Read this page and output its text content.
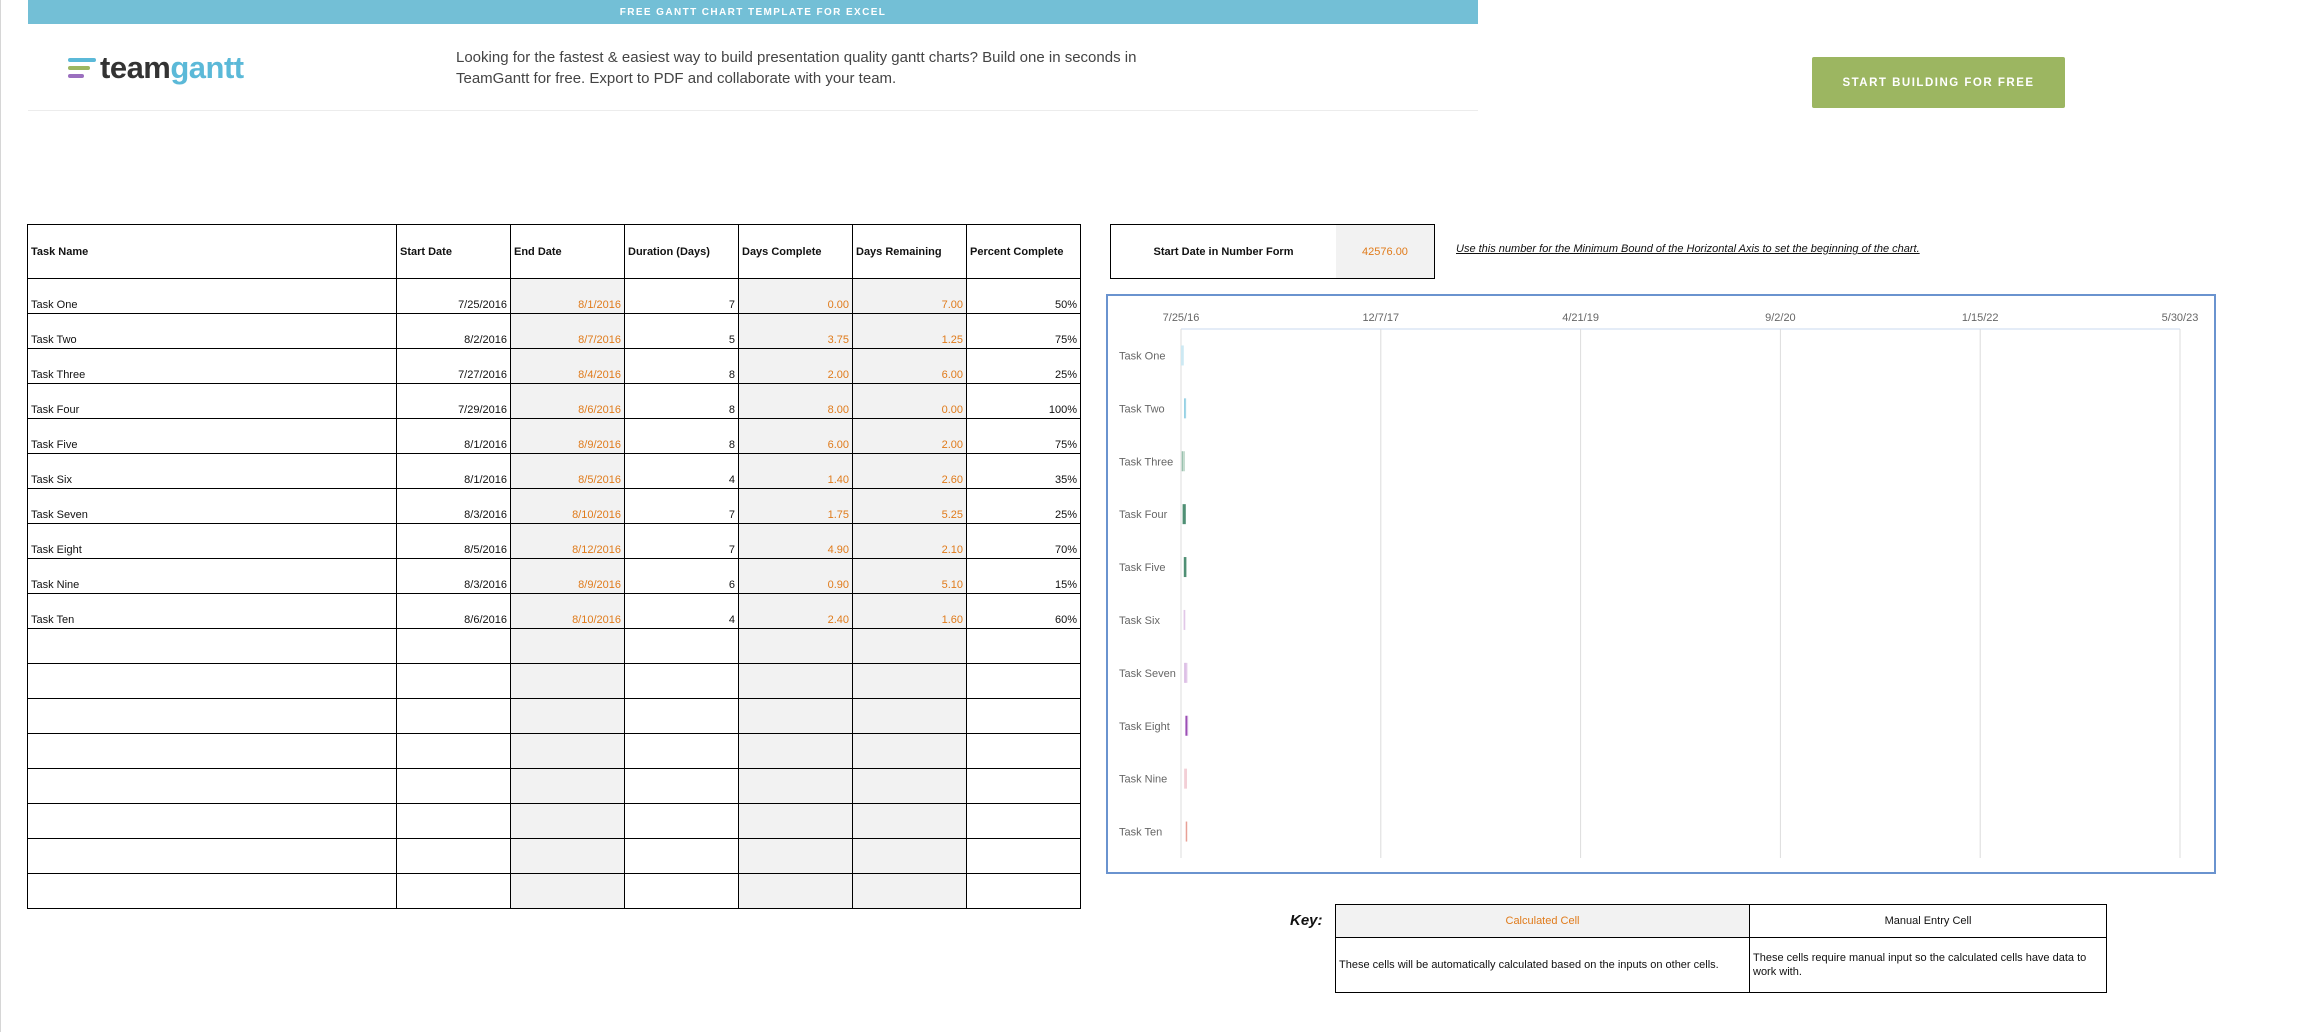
FREE GANTT CHART TEMPLATE FOR EXCEL
teamgantt	Looking for the fastest & easiest way to build presentation quality gantt charts? Build one in seconds in
TeamGantt for free. Export to PDF and collaborate with your team.	START BUILDING FOR FREE
Task Name	Start Date	End Date	Duration (Days)	Days Complete	Days Remaining	Percent Complete
Task One	7/25/2016	8/1/2016	7	0.00	7.00	50%
Task Two	8/2/2016	8/7/2016	5	3.75	1.25	75%
Task Three	7/27/2016	8/4/2016	8	2.00	6.00	25%
Task Four	7/29/2016	8/6/2016	8	8.00	0.00	100%
Task Five	8/1/2016	8/9/2016	8	6.00	2.00	75%
Task Six	8/1/2016	8/5/2016	4	1.40	2.60	35%
Task Seven	8/3/2016	8/10/2016	7	1.75	5.25	25%
Task Eight	8/5/2016	8/12/2016	7	4.90	2.10	70%
Task Nine	8/3/2016	8/9/2016	6	0.90	5.10	15%
Task Ten	8/6/2016	8/10/2016	4	2.40	1.60	60%

Start Date in Number Form	42576.00	Use this number for the Minimum Bound of the Horizontal Axis to set the beginning of the chart.
7/25/16	12/7/17	4/21/19	9/2/20	1/15/22	5/30/23
Task One
Task Two
Task Three
Task Four
Task Five
Task Six
Task Seven
Task Eight
Task Nine
Task Ten
Key:	Calculated Cell	Manual Entry Cell
These cells will be automatically calculated based on the inputs on other cells.	These cells require manual input so the calculated cells have data to work with.
